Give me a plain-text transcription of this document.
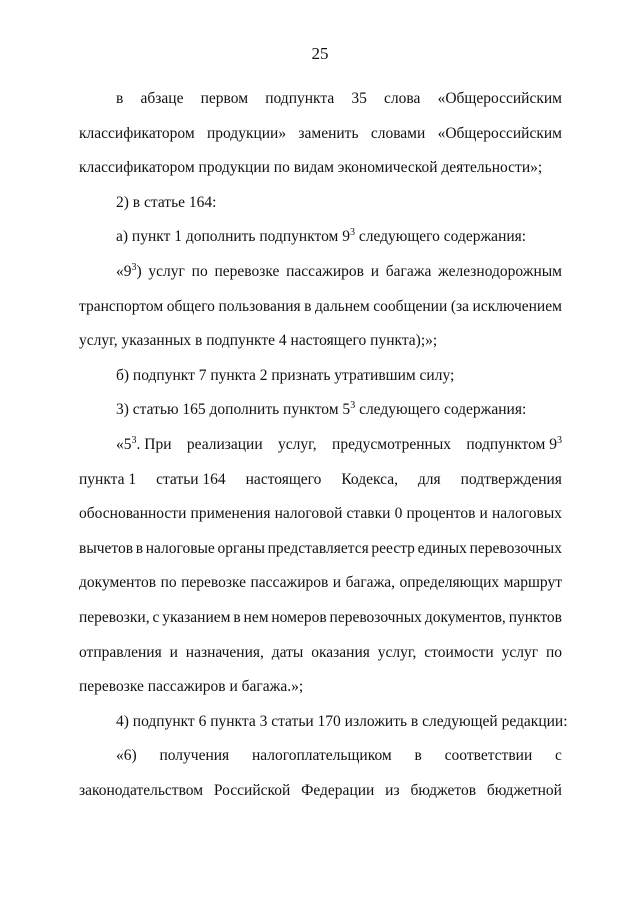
25
в абзаце первом подпункта 35 слова «Общероссийским
классификатором продукции» заменить словами «Общероссийским
классификатором продукции по видам экономической деятельности»;
2) в статье 164:
а) пункт 1 дополнить подпунктом $9^3$ следующего содержания:
«$9^3$) услуг по перевозке пассажиров и багажа железнодорожным
транспортом общего пользования в дальнем сообщении (за исключением
услуг, указанных в подпункте 4 настоящего пункта);»;
б) подпункт 7 пункта 2 признать утратившим силу;
3) статью 165 дополнить пунктом $5^3$ следующего содержания:
«$5^3$. При реализации услуг, предусмотренных подпунктом $9^3$
пункта 1 статьи 164 настоящего Кодекса, для подтверждения
обоснованности применения налоговой ставки 0 процентов и налоговых
вычетов в налоговые органы представляется реестр единых перевозочных
документов по перевозке пассажиров и багажа, определяющих маршрут
перевозки, с указанием в нем номеров перевозочных документов, пунктов
отправления и назначения, даты оказания услуг, стоимости услуг по
перевозке пассажиров и багажа.»;
4) подпункт 6 пункта 3 статьи 170 изложить в следующей редакции:
«6) получения налогоплательщиком в соответствии с
законодательством Российской Федерации из бюджетов бюджетной
